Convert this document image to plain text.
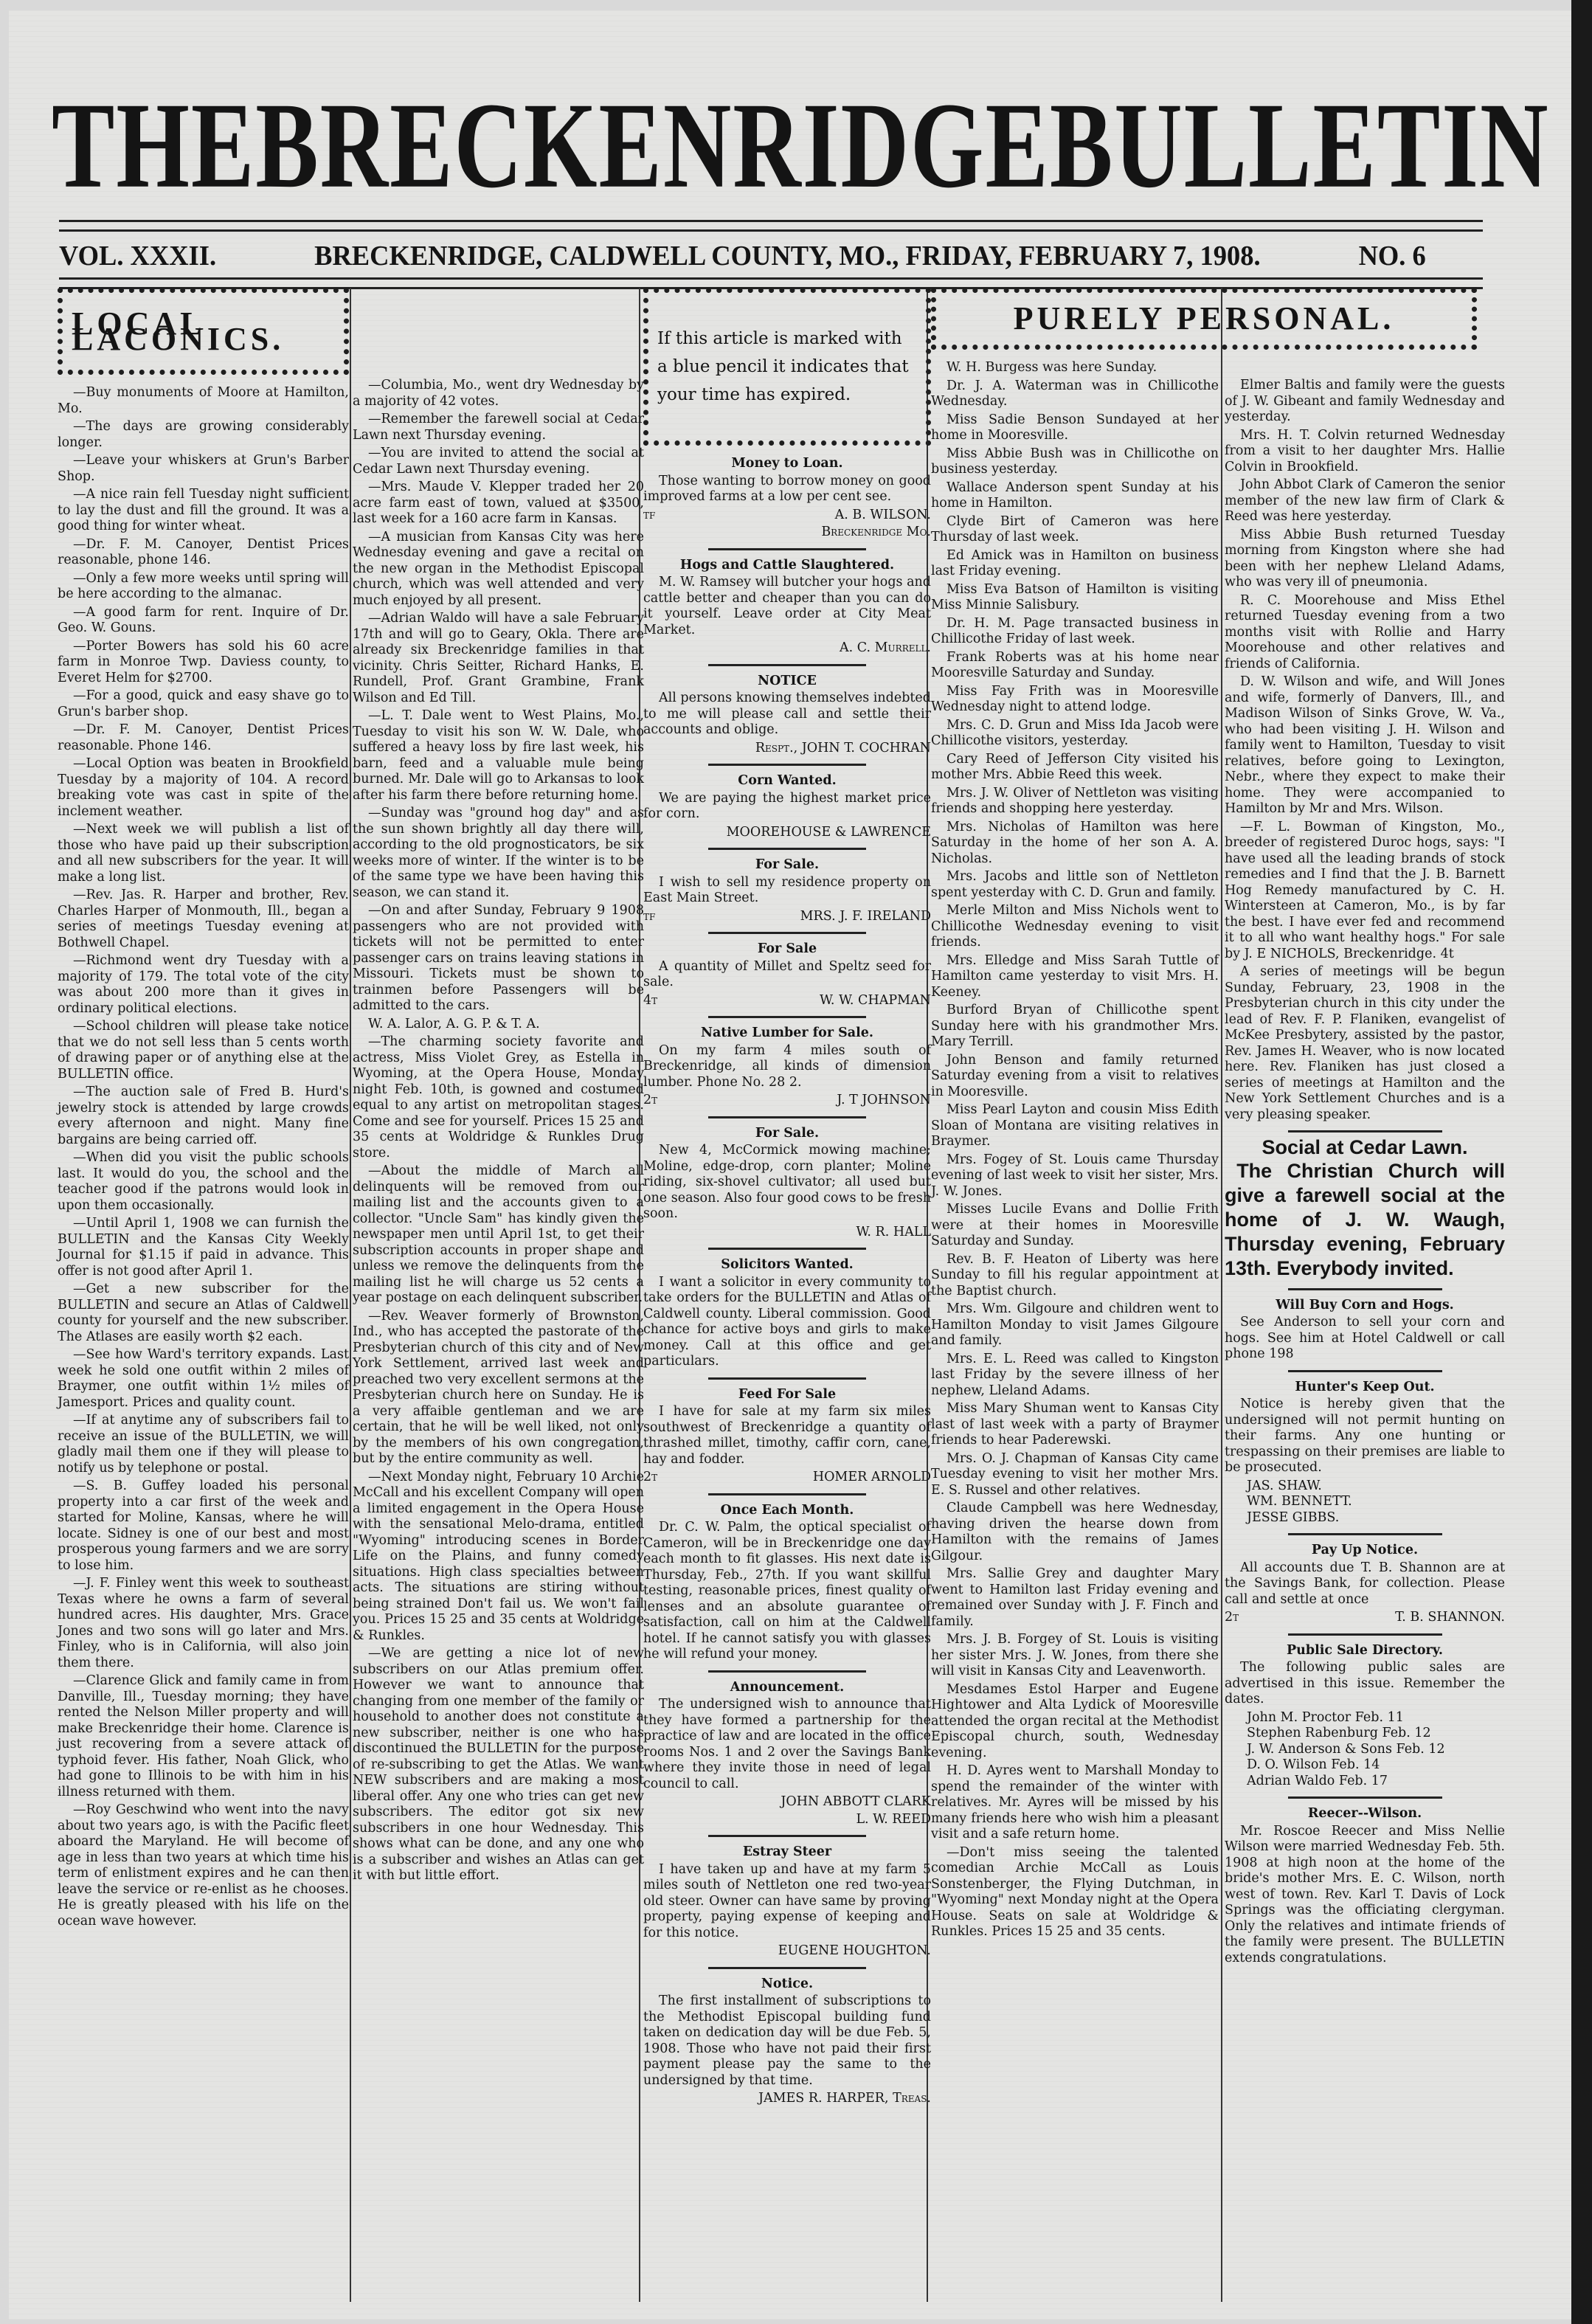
THE BRECKENRIDGE BULLETIN
VOL. XXXII.	BRECKENRIDGE, CALDWELL COUNTY, MO., FRIDAY, FEBRUARY 7, 1908.	NO. 6
LOCAL LACONICS.

—Buy monuments of Moore at Hamilton, Mo.

—The days are growing considerably longer.

—Leave your whiskers at Grun's Barber Shop.

—A nice rain fell Tuesday night sufficient to lay the dust and fill the ground. It was a good thing for winter wheat.

—Dr. F. M. Canoyer, Dentist Prices reasonable, phone 146.

—Only a few more weeks until spring will be here according to the almanac.

—A good farm for rent. Inquire of Dr. Geo. W. Gouns.

—Porter Bowers has sold his 60 acre farm in Monroe Twp. Daviess county, to Everet Helm for $2700.

—For a good, quick and easy shave go to Grun's barber shop.

—Dr. F. M. Canoyer, Dentist Prices reasonable. Phone 146.

—Local Option was beaten in Brookfield Tuesday by a majority of 104. A record breaking vote was cast in spite of the inclement weather.

—Next week we will publish a list of those who have paid up their subscription and all new subscribers for the year. It will make a long list.

—Rev. Jas. R. Harper and brother, Rev. Charles Harper of Monmouth, Ill., began a series of meetings Tuesday evening at Bothwell Chapel.

—Richmond went dry Tuesday with a majority of 179. The total vote of the city was about 200 more than it gives in ordinary political elections.

—School children will please take notice that we do not sell less than 5 cents worth of drawing paper or of anything else at the BULLETIN office.

—The auction sale of Fred B. Hurd's jewelry stock is attended by large crowds every afternoon and night. Many fine bargains are being carried off.

—When did you visit the public schools last. It would do you, the school and the teacher good if the patrons would look in upon them occasionally.

—Until April 1, 1908 we can furnish the BULLETIN and the Kansas City Weekly Journal for $1.15 if paid in advance. This offer is not good after April 1.

—Get a new subscriber for the BULLETIN and secure an Atlas of Caldwell county for yourself and the new subscriber. The Atlases are easily worth $2 each.

—See how Ward's territory expands. Last week he sold one outfit within 2 miles of Braymer, one outfit within 1½ miles of Jamesport. Prices and quality count.

—If at anytime any of subscribers fail to receive an issue of the BULLETIN, we will gladly mail them one if they will please to notify us by telephone or postal.

—S. B. Guffey loaded his personal property into a car first of the week and started for Moline, Kansas, where he will locate. Sidney is one of our best and most prosperous young farmers and we are sorry to lose him.

—J. F. Finley went this week to southeast Texas where he owns a farm of several hundred acres. His daughter, Mrs. Grace Jones and two sons will go later and Mrs. Finley, who is in California, will also join them there.

—Clarence Glick and family came in from Danville, Ill., Tuesday morning; they have rented the Nelson Miller property and will make Breckenridge their home. Clarence is just recovering from a severe attack of typhoid fever. His father, Noah Glick, who had gone to Illinois to be with him in his illness returned with them.

—Roy Geschwind who went into the navy about two years ago, is with the Pacific fleet aboard the Maryland. He will become of age in less than two years at which time his term of enlistment expires and he can then leave the service or re-enlist as he chooses. He is greatly pleased with his life on the ocean wave however.

—Columbia, Mo., went dry Wednesday by a majority of 42 votes.

—Remember the farewell social at Cedar Lawn next Thursday evening.

—You are invited to attend the social at Cedar Lawn next Thursday evening.

—Mrs. Maude V. Klepper traded her 20 acre farm east of town, valued at $3500, last week for a 160 acre farm in Kansas.

—A musician from Kansas City was here Wednesday evening and gave a recital on the new organ in the Methodist Episcopal church, which was well attended and very much enjoyed by all present.

—Adrian Waldo will have a sale February 17th and will go to Geary, Okla. There are already six Breckenridge families in that vicinity. Chris Seitter, Richard Hanks, E. Rundell, Prof. Grant Grambine, Frank Wilson and Ed Till.

—L. T. Dale went to West Plains, Mo., Tuesday to visit his son W. W. Dale, who suffered a heavy loss by fire last week, his barn, feed and a valuable mule being burned. Mr. Dale will go to Arkansas to look after his farm there before returning home.

—Sunday was "ground hog day" and as the sun shown brightly all day there will, according to the old prognosticators, be six weeks more of winter. If the winter is to be of the same type we have been having this season, we can stand it.

—On and after Sunday, February 9 1908 passengers who are not provided with tickets will not be permitted to enter passenger cars on trains leaving stations in Missouri. Tickets must be shown to trainmen before Passengers will be admitted to the cars.

W. A. Lalor, A. G. P. & T. A.

—The charming society favorite and actress, Miss Violet Grey, as Estella in Wyoming, at the Opera House, Monday night Feb. 10th, is gowned and costumed equal to any artist on metropolitan stages. Come and see for yourself. Prices 15 25 and 35 cents at Woldridge & Runkles Drug store.

—About the middle of March all delinquents will be removed from our mailing list and the accounts given to a collector. "Uncle Sam" has kindly given the newspaper men until April 1st, to get their subscription accounts in proper shape and unless we remove the delinquents from the mailing list he will charge us 52 cents a year postage on each delinquent subscriber.

—Rev. Weaver formerly of Brownston, Ind., who has accepted the pastorate of the Presbyterian church of this city and of New York Settlement, arrived last week and preached two very excellent sermons at the Presbyterian church here on Sunday. He is a very affaible gentleman and we are certain, that he will be well liked, not only by the members of his own congregation, but by the entire community as well.

—Next Monday night, February 10 Archie McCall and his excellent Company will open a limited engagement in the Opera House with the sensational Melo-drama, entitled "Wyoming" introducing scenes in Border Life on the Plains, and funny comedy situations. High class specialties between acts. The situations are stiring without being strained Don't fail us. We won't fail you. Prices 15 25 and 35 cents at Woldridge & Runkles.

—We are getting a nice lot of new subscribers on our Atlas premium offer. However we want to announce that changing from one member of the family or household to another does not constitute a new subscriber, neither is one who has discontinued the BULLETIN for the purpose of re-subscribing to get the Atlas. We want NEW subscribers and are making a most liberal offer. Any one who tries can get new subscribers. The editor got six new subscribers in one hour Wednesday. This shows what can be done, and any one who is a subscriber and wishes an Atlas can get it with but little effort.

If this article is marked with a blue pencil it indicates that your time has expired.
Money to Loan.

Those wanting to borrow money on good improved farms at a low per cent see.

tf	A. B. WILSON.
Breckenridge Mo.
Hogs and Cattle Slaughtered.

M. W. Ramsey will butcher your hogs and cattle better and cheaper than you can do it yourself. Leave order at City Meat Market.

A. C. Murrell.
NOTICE

All persons knowing themselves indebted to me will please call and settle their accounts and oblige.

Respt., JOHN T. COCHRAN
Corn Wanted.

We are paying the highest market price for corn.

MOOREHOUSE & LAWRENCE
For Sale.

I wish to sell my residence property on East Main Street.

tf	MRS. J. F. IRELAND
For Sale

A quantity of Millet and Speltz seed for sale.

4t	W. W. CHAPMAN
Native Lumber for Sale.

On my farm 4 miles south of Breckenridge, all kinds of dimension lumber. Phone No. 28 2.

2t	J. T JOHNSON
For Sale.

New 4, McCormick mowing machine; Moline, edge-drop, corn planter; Moline riding, six-shovel cultivator; all used but one season. Also four good cows to be fresh soon.

W. R. HALL
Solicitors Wanted.

I want a solicitor in every community to take orders for the BULLETIN and Atlas of Caldwell county. Liberal commission. Good chance for active boys and girls to make money. Call at this office and get particulars.

Feed For Sale

I have for sale at my farm six miles southwest of Breckenridge a quantity of thrashed millet, timothy, caffir corn, cane, hay and fodder.

2t	HOMER ARNOLD
Once Each Month.

Dr. C. W. Palm, the optical specialist of Cameron, will be in Breckenridge one day each month to fit glasses. His next date is Thursday, Feb., 27th. If you want skillful testing, reasonable prices, finest quality of lenses and an absolute guarantee of satisfaction, call on him at the Caldwell hotel. If he cannot satisfy you with glasses he will refund your money.

Announcement.

The undersigned wish to announce that they have formed a partnership for the practice of law and are located in the office rooms Nos. 1 and 2 over the Savings Bank where they invite those in need of legal council to call.

JOHN ABBOTT CLARK
L. W. REED
Estray Steer

I have taken up and have at my farm 5 miles south of Nettleton one red two-year old steer. Owner can have same by proving property, paying expense of keeping and for this notice.

EUGENE HOUGHTON.
Notice.

The first installment of subscriptions to the Methodist Episcopal building fund taken on dedication day will be due Feb. 5, 1908. Those who have not paid their first payment please pay the same to the undersigned by that time.

JAMES R. HARPER, Treas.
PURELY PERSONAL.

W. H. Burgess was here Sunday.

Dr. J. A. Waterman was in Chillicothe Wednesday.

Miss Sadie Benson Sundayed at her home in Mooresville.

Miss Abbie Bush was in Chillicothe on business yesterday.

Wallace Anderson spent Sunday at his home in Hamilton.

Clyde Birt of Cameron was here Thursday of last week.

Ed Amick was in Hamilton on business last Friday evening.

Miss Eva Batson of Hamilton is visiting Miss Minnie Salisbury.

Dr. H. M. Page transacted business in Chillicothe Friday of last week.

Frank Roberts was at his home near Mooresville Saturday and Sunday.

Miss Fay Frith was in Mooresville Wednesday night to attend lodge.

Mrs. C. D. Grun and Miss Ida Jacob were Chillicothe visitors, yesterday.

Cary Reed of Jefferson City visited his mother Mrs. Abbie Reed this week.

Mrs. J. W. Oliver of Nettleton was visiting friends and shopping here yesterday.

Mrs. Nicholas of Hamilton was here Saturday in the home of her son A. A. Nicholas.

Mrs. Jacobs and little son of Nettleton spent yesterday with C. D. Grun and family.

Merle Milton and Miss Nichols went to Chillicothe Wednesday evening to visit friends.

Mrs. Elledge and Miss Sarah Tuttle of Hamilton came yesterday to visit Mrs. H. Keeney.

Burford Bryan of Chillicothe spent Sunday here with his grandmother Mrs. Mary Terrill.

John Benson and family returned Saturday evening from a visit to relatives in Mooresville.

Miss Pearl Layton and cousin Miss Edith Sloan of Montana are visiting relatives in Braymer.

Mrs. Fogey of St. Louis came Thursday evening of last week to visit her sister, Mrs. J. W. Jones.

Misses Lucile Evans and Dollie Frith were at their homes in Mooresville Saturday and Sunday.

Rev. B. F. Heaton of Liberty was here Sunday to fill his regular appointment at the Baptist church.

Mrs. Wm. Gilgoure and children went to Hamilton Monday to visit James Gilgoure and family.

Mrs. E. L. Reed was called to Kingston last Friday by the severe illness of her nephew, Lleland Adams.

Miss Mary Shuman went to Kansas City last of last week with a party of Braymer friends to hear Paderewski.

Mrs. O. J. Chapman of Kansas City came Tuesday evening to visit her mother Mrs. E. S. Russel and other relatives.

Claude Campbell was here Wednesday, having driven the hearse down from Hamilton with the remains of James Gilgour.

Mrs. Sallie Grey and daughter Mary went to Hamilton last Friday evening and remained over Sunday with J. F. Finch and family.

Mrs. J. B. Forgey of St. Louis is visiting her sister Mrs. J. W. Jones, from there she will visit in Kansas City and Leavenworth.

Mesdames Estol Harper and Eugene Hightower and Alta Lydick of Mooresville attended the organ recital at the Methodist Episcopal church, south, Wednesday evening.

H. D. Ayres went to Marshall Monday to spend the remainder of the winter with relatives. Mr. Ayres will be missed by his many friends here who wish him a pleasant visit and a safe return home.

—Don't miss seeing the talented comedian Archie McCall as Louis Sonstenberger, the Flying Dutchman, in "Wyoming" next Monday night at the Opera House. Seats on sale at Woldridge & Runkles. Prices 15 25 and 35 cents.

Elmer Baltis and family were the guests of J. W. Gibeant and family Wednesday and yesterday.

Mrs. H. T. Colvin returned Wednesday from a visit to her daughter Mrs. Hallie Colvin in Brookfield.

John Abbot Clark of Cameron the senior member of the new law firm of Clark & Reed was here yesterday.

Miss Abbie Bush returned Tuesday morning from Kingston where she had been with her nephew Lleland Adams, who was very ill of pneumonia.

R. C. Moorehouse and Miss Ethel returned Tuesday evening from a two months visit with Rollie and Harry Moorehouse and other relatives and friends of California.

D. W. Wilson and wife, and Will Jones and wife, formerly of Danvers, Ill., and Madison Wilson of Sinks Grove, W. Va., who had been visiting J. H. Wilson and family went to Hamilton, Tuesday to visit relatives, before going to Lexington, Nebr., where they expect to make their home. They were accompanied to Hamilton by Mr and Mrs. Wilson.

—F. L. Bowman of Kingston, Mo., breeder of registered Duroc hogs, says: "I have used all the leading brands of stock remedies and I find that the J. B. Barnett Hog Remedy manufactured by C. H. Wintersteen at Cameron, Mo., is by far the best. I have ever fed and recommend it to all who want healthy hogs." For sale by J. E NICHOLS, Breckenridge. 4t

A series of meetings will be begun Sunday, February, 23, 1908 in the Presbyterian church in this city under the lead of Rev. F. P. Flaniken, evangelist of McKee Presbytery, assisted by the pastor, Rev. James H. Weaver, who is now located here. Rev. Flaniken has just closed a series of meetings at Hamilton and the New York Settlement Churches and is a very pleasing speaker.

Social at Cedar Lawn.

The Christian Church will give a farewell social at the home of J. W. Waugh, Thursday evening, February 13th. Everybody invited.

Will Buy Corn and Hogs.

See Anderson to sell your corn and hogs. See him at Hotel Caldwell or call phone 198

Hunter's Keep Out.

Notice is hereby given that the undersigned will not permit hunting on their farms. Any one hunting or trespassing on their premises are liable to be prosecuted.

JAS. SHAW.
WM. BENNETT.
JESSE GIBBS.
Pay Up Notice.

All accounts due T. B. Shannon are at the Savings Bank, for collection. Please call and settle at once

2t	T. B. SHANNON.
Public Sale Directory.

The following public sales are advertised in this issue. Remember the dates.

John M. Proctor Feb. 11
Stephen Rabenburg Feb. 12
J. W. Anderson & Sons Feb. 12
D. O. Wilson Feb. 14
Adrian Waldo Feb. 17
Reecer--Wilson.

Mr. Roscoe Reecer and Miss Nellie Wilson were married Wednesday Feb. 5th. 1908 at high noon at the home of the bride's mother Mrs. E. C. Wilson, north west of town. Rev. Karl T. Davis of Lock Springs was the officiating clergyman. Only the relatives and intimate friends of the family were present. The BULLETIN extends congratulations.
